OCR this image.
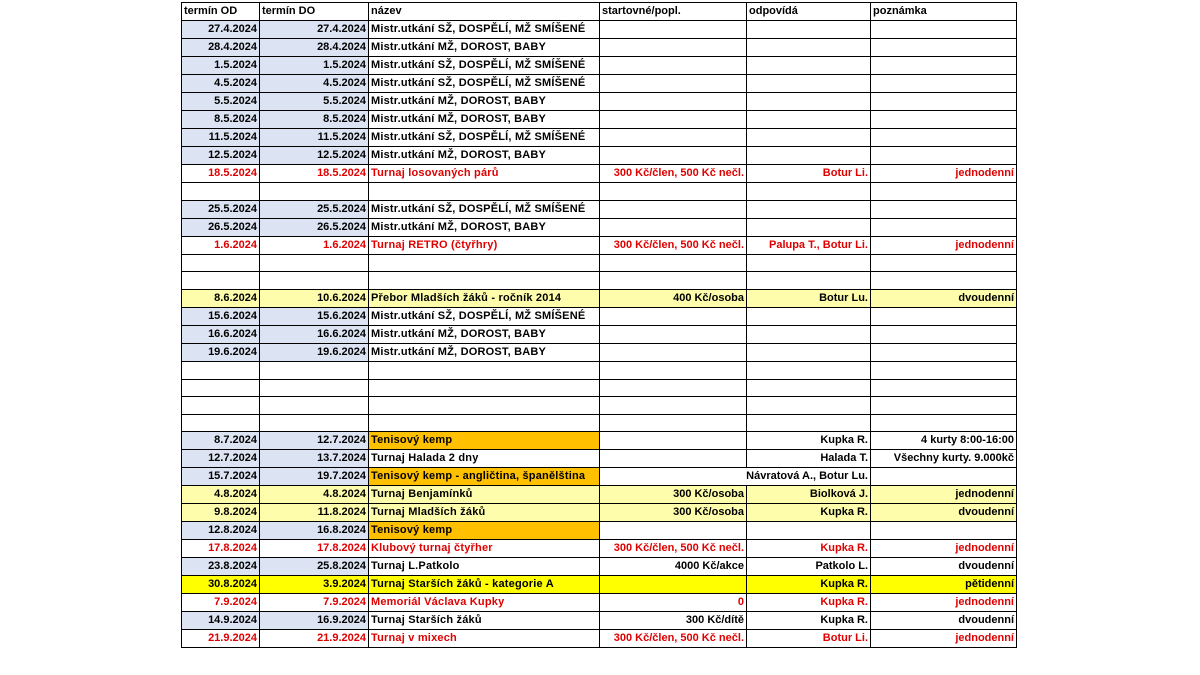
termín OD	termín DO	název	startovné/popl.	odpovídá	poznámka
27.4.2024	27.4.2024	Mistr.utkání SŽ, DOSPĚLÍ, MŽ SMÍŠENÉ			
28.4.2024	28.4.2024	Mistr.utkání MŽ, DOROST, BABY			
1.5.2024	1.5.2024	Mistr.utkání SŽ, DOSPĚLÍ, MŽ SMÍŠENÉ			
4.5.2024	4.5.2024	Mistr.utkání SŽ, DOSPĚLÍ, MŽ SMÍŠENÉ			
5.5.2024	5.5.2024	Mistr.utkání MŽ, DOROST, BABY			
8.5.2024	8.5.2024	Mistr.utkání MŽ, DOROST, BABY			
11.5.2024	11.5.2024	Mistr.utkání SŽ, DOSPĚLÍ, MŽ SMÍŠENÉ			
12.5.2024	12.5.2024	Mistr.utkání MŽ, DOROST, BABY			
18.5.2024	18.5.2024	Turnaj losovaných párů	300 Kč/člen, 500 Kč nečl.	Botur Li.	jednodenní

25.5.2024	25.5.2024	Mistr.utkání SŽ, DOSPĚLÍ, MŽ SMÍŠENÉ			
26.5.2024	26.5.2024	Mistr.utkání MŽ, DOROST, BABY			
1.6.2024	1.6.2024	Turnaj RETRO (čtyřhry)	300 Kč/člen, 500 Kč nečl.	Palupa T., Botur Li.	jednodenní

8.6.2024	10.6.2024	Přebor Mladších žáků - ročník 2014	400 Kč/osoba	Botur Lu.	dvoudenní
15.6.2024	15.6.2024	Mistr.utkání SŽ, DOSPĚLÍ, MŽ SMÍŠENÉ			
16.6.2024	16.6.2024	Mistr.utkání MŽ, DOROST, BABY			
19.6.2024	19.6.2024	Mistr.utkání MŽ, DOROST, BABY			

8.7.2024	12.7.2024	Tenisový kemp		Kupka R.	4 kurty 8:00-16:00
12.7.2024	13.7.2024	Turnaj Halada 2 dny		Halada T.	Všechny kurty. 9.000kč
15.7.2024	19.7.2024	Tenisový kemp - angličtina, španělština	Návratová A., Botur Lu.		
4.8.2024	4.8.2024	Turnaj Benjamínků	300 Kč/osoba	Biolková J.	jednodenní
9.8.2024	11.8.2024	Turnaj Mladších žáků	300 Kč/osoba	Kupka R.	dvoudenní
12.8.2024	16.8.2024	Tenisový kemp			
17.8.2024	17.8.2024	Klubový turnaj čtyřher	300 Kč/člen, 500 Kč nečl.	Kupka R.	jednodenní
23.8.2024	25.8.2024	Turnaj L.Patkolo	4000 Kč/akce	Patkolo L.	dvoudenní
30.8.2024	3.9.2024	Turnaj Starších žáků - kategorie A		Kupka R.	pětidenní
7.9.2024	7.9.2024	Memoriál Václava Kupky	0	Kupka R.	jednodenní
14.9.2024	16.9.2024	Turnaj Starších žáků	300 Kč/dítě	Kupka R.	dvoudenní
21.9.2024	21.9.2024	Turnaj v mixech	300 Kč/člen, 500 Kč nečl.	Botur Li.	jednodenní
